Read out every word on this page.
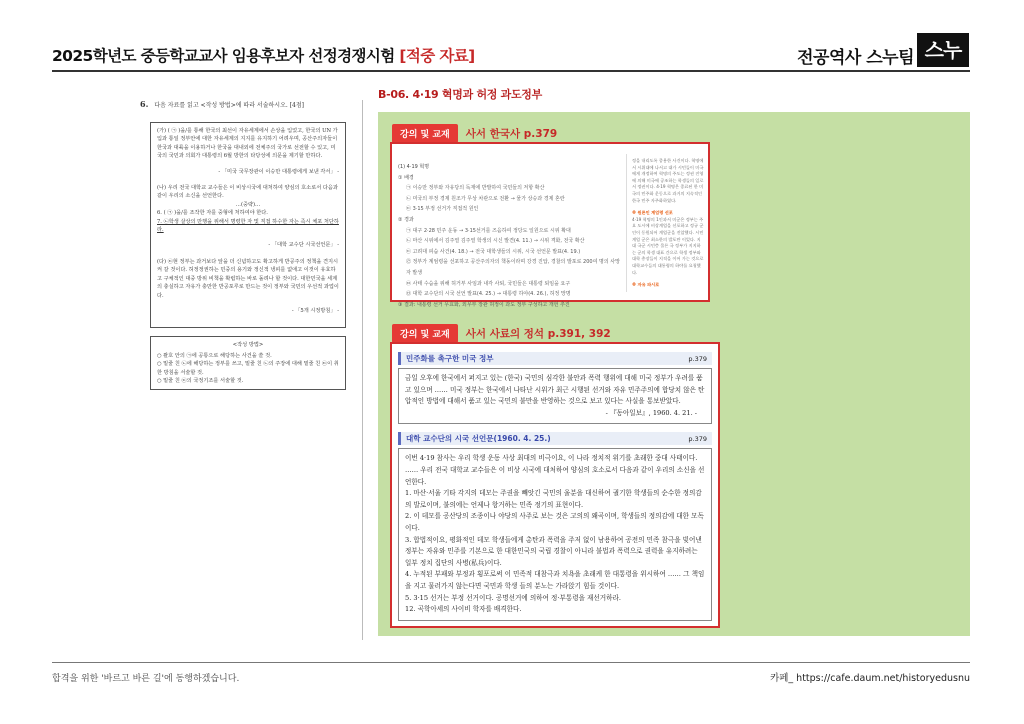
2025학년도 중등학교교사 임용후보자 선정경쟁시험 [적중 자료]	전공역사 스누팀 스누
6. 다음 자료를 읽고 <작성 방법>에 따라 서술하시오. [4점]
(가) ( ㉠ )을/를 통해 한국의 최선이 자유세계에서 손상을 입었고, 한국의 UN 가입과 통일 정부안에 대한 자유세계의 지지를 유지하기 어려우며, 공산주의자들이 한국과 대륙을 이용하거나 한국을 대내외에 전체주의 국가로 선전할 수 있고, 미국의 국민과 의회가 대통령의 6월 방한의 타당성에 의문을 제기할 만하다.
- 「미국 국무장관이 이승만 대통령에게 보낸 각서」 -
(나) 우리 전국 대학교 교수들은 이 비상시국에 대처하여 양심의 호소로서 다음과 같이 우리의 소신을 선언한다.
…(중략)…
6. ( ㉠ )을/를 조작한 자를 중형에 처하여야 한다.
7. ㉡학생 살상의 만행을 위해서 명령한 자 및 직접 하수한 자는 즉시 체포 처단하라.
- 「대학 교수단 시국선언문」 -
(다) ㉢현 정부는 과거보다 앞을 더 신념하고도 확고하게 반공주의 정책을 견지시켜 갈 것이다. 허정정권하는 민중의 용기와 정신적 냉피를 없애고 이것이 유효하고 구체적인 대중 방위 비책을 확립하는 바로 돌려나 할 것이다. 대한민국을 세계의 충실하고 자유가 충만한 반공포루로 만드는 것이 정부와 국민의 우선적 과업이다.
- 「5개 시정방침」 -
<작성 방법>
○ 괄호 안의 ㉠에 공통으로 해당하는 사건을 쓸 것.
○ 밑줄 친 ㉡에 해당하는 정부를 쓰고, 밑줄 친 ㉡의 주장에 대해 밑줄 친 ㉢이 취한 방침을 서술할 것.
○ 밑줄 친 ㉢의 국정기조를 서술할 것.
B-06. 4·19 혁명과 허정 과도정부
강의 및 교재	사서 한국사 p.379
(1) 4·19 혁명
① 배경
㉠ 이승만 정부와 자유당의 독재에 반발하여 국민들의 저항 확산
㉡ 미국의 부정 경제 원조가 무상 차관으로 전환 → 물가 상승과 경제 혼란
㉢ 3·15 부정 선거가 직접적 원인
② 경과
㉠ 대구 2·28 민주 운동 → 3·15선거를 즈음하여 정당도 일원으로 시위 확대
㉡ 마산 시위에서 김주열 김주열 학생의 시신 발견(4. 11.) → 시위 격화, 전국 확산
㉢ 고려대 피습 사건(4. 18.) → 전국 대학생들의 시위, 시국 선언문 발표(4. 19.)
㉣ 정부가 계엄령을 선포하고 공산주의자의 책동이라며 강경 진압, 경찰의 발포로 200여 명의 사망자 발생
㉤ 사태 수습을 위해 허거부 사임과 내각 사퇴, 국민들은 대통령 퇴임을 요구
㉥ 대학 교수단의 시국 선언 발표(4. 25.) → 대통령 하야(4. 26.), 허정 망명
③ 결과: 내통령 선거 무효화, 외무부 장관 허정이 과도 정부 구성하고 개헌 추진
정을 내리도록 종용한 사건이다. 혁명에서 시위대에 나서고 대가 시민들이 미국에게 개정하여 혁명의 주도는 정권 진영에 의해 미국에 공조하는 학생들의 일로서 정권이다. 4·19 혁명은 종료된 한 미국의 민주화 운동으로 과거의 지속적인 한국 민주 자주화하였다.
※ 원론인 계엄령 선포
4·19 혁명의 1인과서 미군은 정부는 주요 도시에 비상계엄을 선포하고 정규 군인이 동원되어 계엄군을 진압했다. 시민 계엄 군은 최소한의 발포만 이었다. 지 대 국군 시민층 물론 국 정부가 지지하는 군의 학생 대표 간으로 학생 정부와 대학 총장들이 지적을 이어 가는 것으로 대학교수들의 대통령의 하야를 요청했다.
※ 자유 파시로
강의 및 교재	사서 사료의 정석 p.391, 392
민주화를 촉구한 미국 정부	p.379
금일 오후에 한국에서 퍼지고 있는 (한국) 국민의 심각한 불안과 폭력 행위에 대해 미국 정부가 우려를 품고 있으며 …… 미국 정부는 한국에서 나타난 시위가 최근 시행된 선거와 자유 민주주의에 합당치 않은 탄압적인 방법에 대해서 품고 있는 국민의 불만을 반영하는 것으로 보고 있다는 사실을 통보받았다.
- 『동아일보』, 1960. 4. 21. -
대학 교수단의 시국 선언문(1960. 4. 25.)	p.379
이번 4·19 참사는 우리 학생 운동 사상 최대의 비극이요, 이 나라 정치적 위기를 초래한 중대 사태이다. …… 우리 전국 대학교 교수들은 이 비상 시국에 대처하여 양심의 호소로서 다음과 같이 우리의 소신을 선언한다.
1. 마산·서울 기타 각지의 데모는 주권을 빼앗긴 국민의 울분을 대신하여 궐기한 학생들의 순수한 정의감의 발로이며, 불의에는 언제나 항거하는 민족 정기의 표현이다.
2. 이 데모를 공산당의 조종이나 야당의 사주로 보는 것은 고의의 왜곡이며, 학생들의 정의감에 대한 모독이다.
3. 합법적이요, 평화적인 데모 학생들에게 총탄과 폭력을 주저 없이 남용하여 공전의 민족 참극을 빚어낸 정부는 자유와 민주를 기본으로 한 대한민국의 국립 경찰이 아니라 불법과 폭력으로 권력을 유지하려는 일부 정치 집단의 사병(私兵)이다.
4. 누적된 부패와 부정과 횡포로써 이 민족적 대참극과 치욕을 초래케 한 대통령을 위시하여 …… 그 책임을 지고 물러가지 않는다면 국민과 학생 들의 분노는 가라앉기 힘들 것이다.
5. 3·15 선거는 부정 선거이다. 공명선거에 의하여 정·부통령을 재선거하라.
12. 곡학아세의 사이비 학자를 배격한다.
합격을 위한 '바르고 바른 길'에 동행하겠습니다.	카페_ https://cafe.daum.net/historyedusnu
